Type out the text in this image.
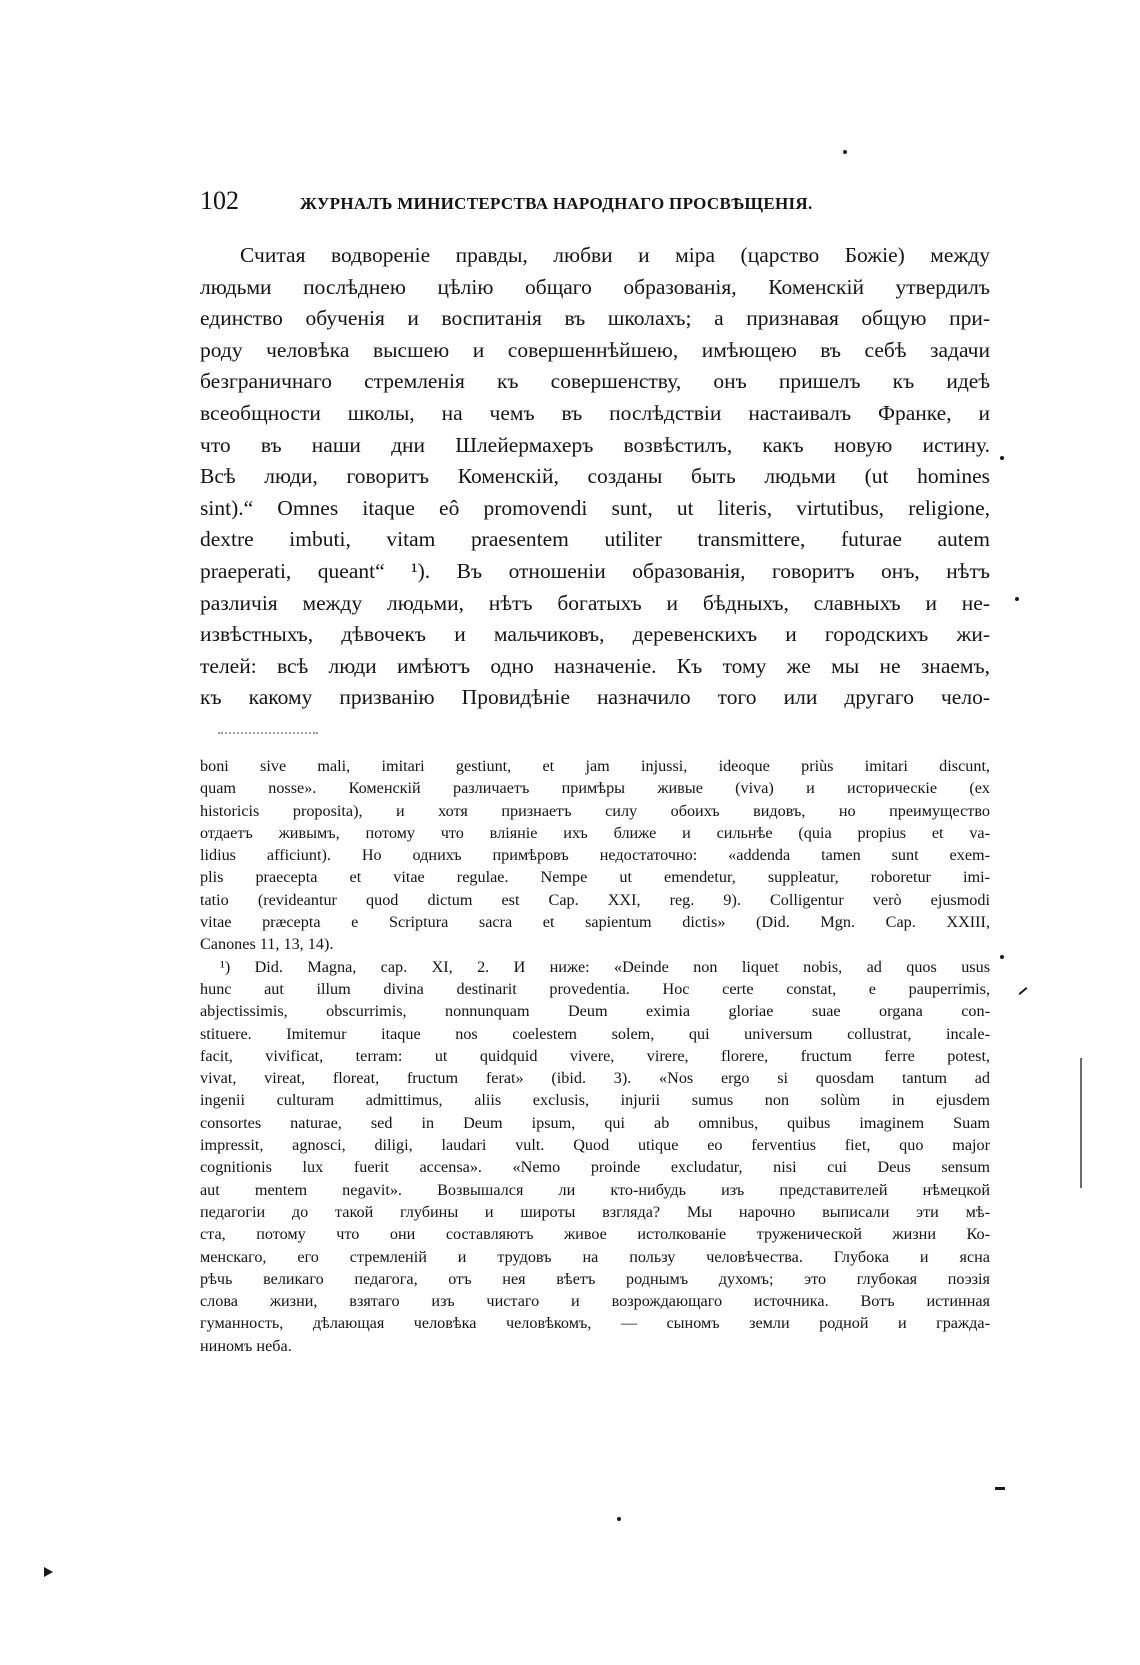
102	ЖУРНАЛЪ МИНИСТЕРСТВА НАРОДНАГО ПРОСВѢЩЕНІЯ.
Считая водвореніе правды, любви и міра (царство Божіе) между
людьми послѣднею цѣлію общаго образованія, Коменскій утвердилъ
единство обученія и воспитанія въ школахъ; а признавая общую при-
роду человѣка высшею и совершеннѣйшею, имѣющею въ себѣ задачи
безграничнаго стремленія къ совершенству, онъ пришелъ къ идеѣ
всеобщности школы, на чемъ въ послѣдствіи настаивалъ Франке, и
что въ наши дни Шлейермахеръ возвѣстилъ, какъ новую истину.
Всѣ люди, говоритъ Коменскій, созданы быть людьми (ut homines
sint).“ Omnes itaque eô promovendi sunt, ut literis, virtutibus, religione,
dextre imbuti, vitam praesentem utiliter transmittere, futurae autem
praeperati, queant“ ¹). Въ отношеніи образованія, говоритъ онъ, нѣтъ
различія между людьми, нѣтъ богатыхъ и бѣдныхъ, славныхъ и не-
извѣстныхъ, дѣвочекъ и мальчиковъ, деревенскихъ и городскихъ жи-
телей: всѣ люди имѣютъ одно назначеніе. Къ тому же мы не знаемъ,
къ какому призванію Провидѣніе назначило того или другаго чело-
boni sive mali, imitari gestiunt, et jam injussi, ideoque priùs imitari discunt,
quam nosse». Коменскій различаетъ примѣры живые (viva) и историческіе (ex
historicis proposita), и хотя признаетъ силу обоихъ видовъ, но преимущество
отдаетъ живымъ, потому что вліяніе ихъ ближе и сильнѣе (quia propius et va-
lidius afficiunt). Но однихъ примѣровъ недостаточно: «addenda tamen sunt exem-
plis praecepta et vitae regulae. Nempe ut emendetur, suppleatur, roboretur imi-
tatio (revideantur quod dictum est Cap. XXI, reg. 9). Colligentur verò ejusmodi
vitae præcepta e Scriptura sacra et sapientum dictis» (Did. Mgn. Cap. XXIII,
Canones 11, 13, 14).
¹) Did. Magna, cap. XI, 2. И ниже: «Deinde non liquet nobis, ad quos usus
hunc aut illum divina destinarit provedentia. Hoc certe constat, e pauperrimis,
abjectissimis, obscurrimis, nonnunquam Deum eximia gloriae suae organa con-
stituere. Imitemur itaque nos coelestem solem, qui universum collustrat, incale-
facit, vivificat, terram: ut quidquid vivere, virere, florere, fructum ferre potest,
vivat, vireat, floreat, fructum ferat» (ibid. 3). «Nos ergo si quosdam tantum ad
ingenii culturam admittimus, aliis exclusis, injurii sumus non solùm in ejusdem
consortes naturae, sed in Deum ipsum, qui ab omnibus, quibus imaginem Suam
impressit, agnosci, diligi, laudari vult. Quod utique eo ferventius fiet, quo major
cognitionis lux fuerit accensa». «Nemo proinde excludatur, nisi cui Deus sensum
aut mentem negavit». Возвышался ли кто-нибудь изъ представителей нѣмецкой
педагогіи до такой глубины и широты взгляда? Мы нарочно выписали эти мѣ-
ста, потому что они составляютъ живое истолкованіе труженической жизни Ко-
менскаго, его стремленій и трудовъ на пользу человѣчества. Глубока и ясна
рѣчь великаго педагога, отъ нея вѣетъ роднымъ духомъ; это глубокая поэзія
слова жизни, взятаго изъ чистаго и возрождающаго источника. Вотъ истинная
гуманность, дѣлающая человѣка человѣкомъ, — сыномъ земли родной и гражда-
ниномъ неба.
